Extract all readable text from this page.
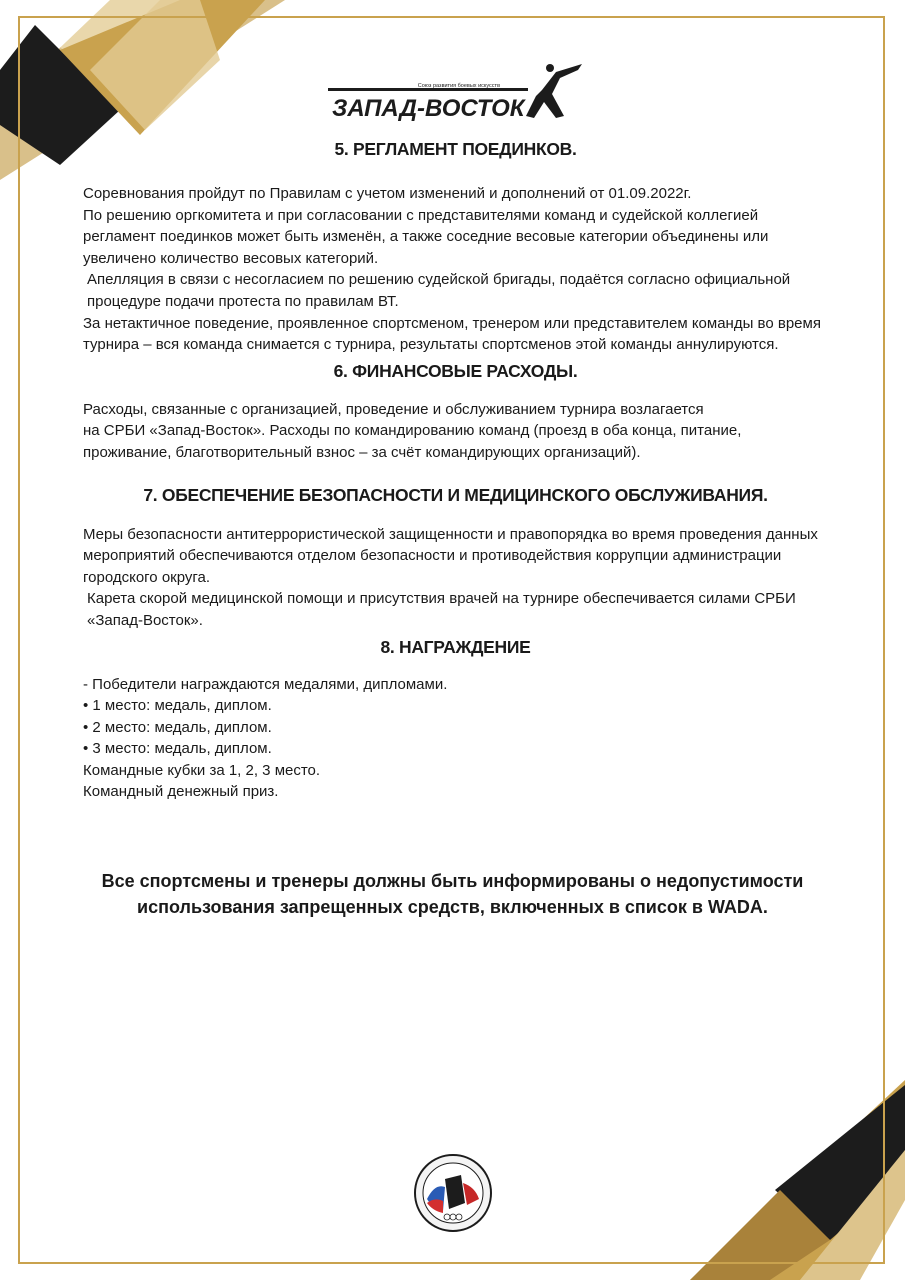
Союз развития боевых искусств
ЗАПАД-ВОСТОК
5. РЕГЛАМЕНТ ПОЕДИНКОВ.

Соревнования пройдут по Правилам с учетом изменений и дополнений от 01.09.2022г.

По решению оргкомитета и при согласовании с представителями команд и судейской коллегией регламент поединков может быть изменён, а также соседние весовые категории объединены или увеличено количество весовых категорий.

Апелляция в связи с несогласием по решению судейской бригады, подаётся согласно официальной процедуре подачи протеста по правилам ВТ.

За нетактичное поведение, проявленное спортсменом, тренером или представителем команды во время турнира – вся команда снимается с турнира, результаты спортсменов этой команды аннулируются.

6. ФИНАНСОВЫЕ РАСХОДЫ.

Расходы, связанные с организацией, проведение и обслуживанием турнира возлагается

на СРБИ «Запад-Восток». Расходы по командированию команд (проезд в оба конца, питание, проживание, благотворительный взнос – за счёт командирующих организаций).

7. ОБЕСПЕЧЕНИЕ БЕЗОПАСНОСТИ И МЕДИЦИНСКОГО ОБСЛУЖИВАНИЯ.

Меры безопасности антитеррористической защищенности и правопорядка во время проведения данных мероприятий обеспечиваются отделом безопасности и противодействия коррупции администрации городского округа.

Карета скорой медицинской помощи и присутствия врачей на турнире обеспечивается силами СРБИ «Запад-Восток».

8. НАГРАЖДЕНИЕ

- Победители награждаются медалями, дипломами.

• 1 место: медаль, диплом.

• 2 место: медаль, диплом.

• 3 место: медаль, диплом.

Командные кубки за 1, 2, 3 место.

Командный денежный приз.

Все спортсмены и тренеры должны быть информированы о недопустимости использования запрещенных средств, включенных в список в WADA.
